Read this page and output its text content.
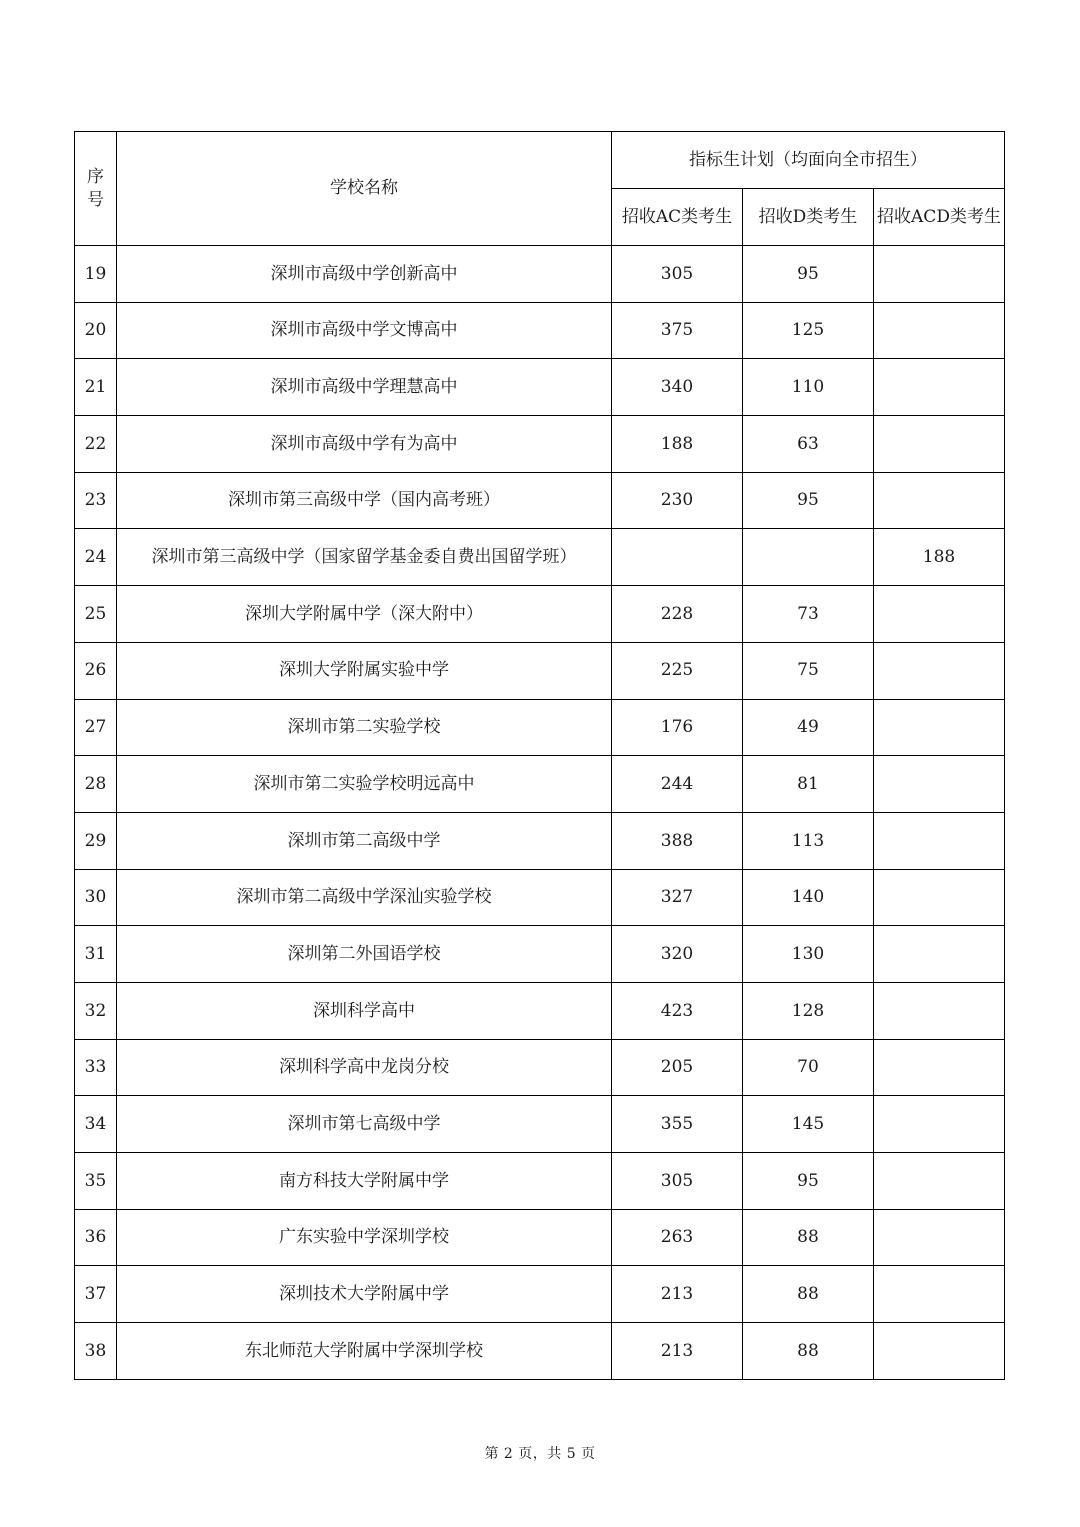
序号	学校名称	指标生计划（均面向全市招生）		
		招收AC类考生	招收D类考生	招收ACD类考生
19	深圳市高级中学创新高中	305	95	
20	深圳市高级中学文博高中	375	125	
21	深圳市高级中学理慧高中	340	110	
22	深圳市高级中学有为高中	188	63	
23	深圳市第三高级中学（国内高考班）	230	95	
24	深圳市第三高级中学（国家留学基金委自费出国留学班）			188
25	深圳大学附属中学（深大附中）	228	73	
26	深圳大学附属实验中学	225	75	
27	深圳市第二实验学校	176	49	
28	深圳市第二实验学校明远高中	244	81	
29	深圳市第二高级中学	388	113	
30	深圳市第二高级中学深汕实验学校	327	140	
31	深圳第二外国语学校	320	130	
32	深圳科学高中	423	128	
33	深圳科学高中龙岗分校	205	70	
34	深圳市第七高级中学	355	145	
35	南方科技大学附属中学	305	95	
36	广东实验中学深圳学校	263	88	
37	深圳技术大学附属中学	213	88	
38	东北师范大学附属中学深圳学校	213	88	
第 2 页，共 5 页
